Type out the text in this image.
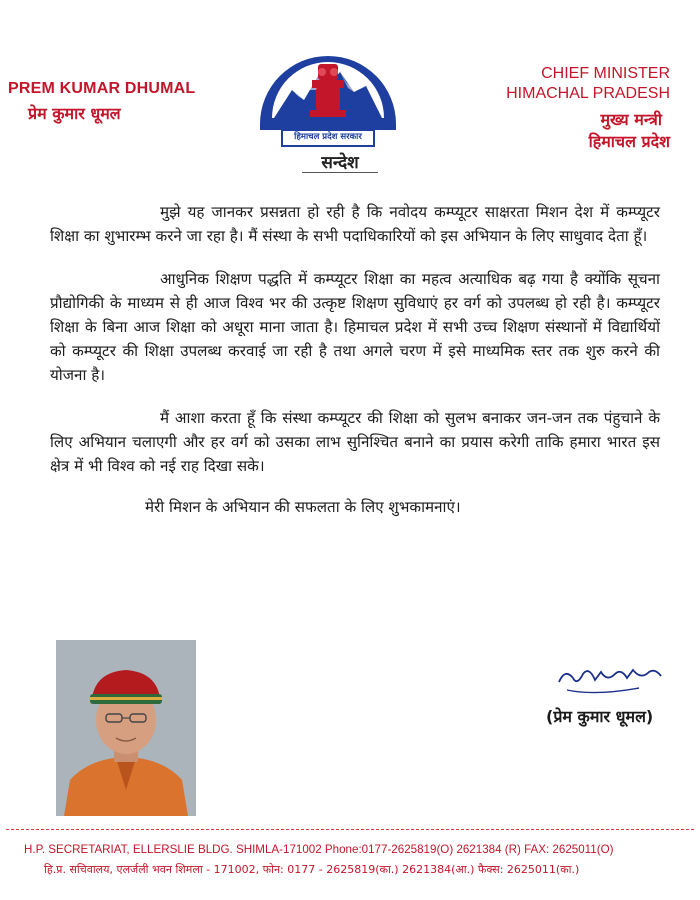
PREM KUMAR DHUMAL
प्रेम कुमार धूमल
हिमाचल प्रदेश सरकार
CHIEF MINISTER
HIMACHAL PRADESH
मुख्य मन्त्री
हिमाचल प्रदेश
सन्देश

मुझे यह जानकर प्रसन्नता हो रही है कि नवोदय कम्प्यूटर साक्षरता मिशन देश में कम्प्यूटर शिक्षा का शुभारम्भ करने जा रहा है। मैं संस्था के सभी पदाधिकारियों को इस अभियान के लिए साधुवाद देता हूँ।

आधुनिक शिक्षण पद्धति में कम्प्यूटर शिक्षा का महत्व अत्याधिक बढ़ गया है क्योंकि सूचना प्रौद्योगिकी के माध्यम से ही आज विश्व भर की उत्कृष्ट शिक्षण सुविधाएं हर वर्ग को उपलब्ध हो रही है। कम्प्यूटर शिक्षा के बिना आज शिक्षा को अधूरा माना जाता है। हिमाचल प्रदेश में सभी उच्च शिक्षण संस्थानों में विद्यार्थियों को कम्प्यूटर की शिक्षा उपलब्ध करवाई जा रही है तथा अगले चरण में इसे माध्यमिक स्तर तक शुरु करने की योजना है।

मैं आशा करता हूँ कि संस्था कम्प्यूटर की शिक्षा को सुलभ बनाकर जन-जन तक पंहुचाने के लिए अभियान चलाएगी और हर वर्ग को उसका लाभ सुनिश्चित बनाने का प्रयास करेगी ताकि हमारा भारत इस क्षेत्र में भी विश्व को नई राह दिखा सके।

मेरी मिशन के अभियान की सफलता के लिए शुभकामनाएं।

(प्रेम कुमार धूमल)
H.P. SECRETARIAT, ELLERSLIE BLDG. SHIMLA-171002 Phone:0177-2625819(O) 2621384 (R) FAX: 2625011(O)
हि.प्र. सचिवालय, एलर्जली भवन शिमला - 171002, फोन: 0177 - 2625819(का.) 2621384(आ.) फैक्स: 2625011(का.)
